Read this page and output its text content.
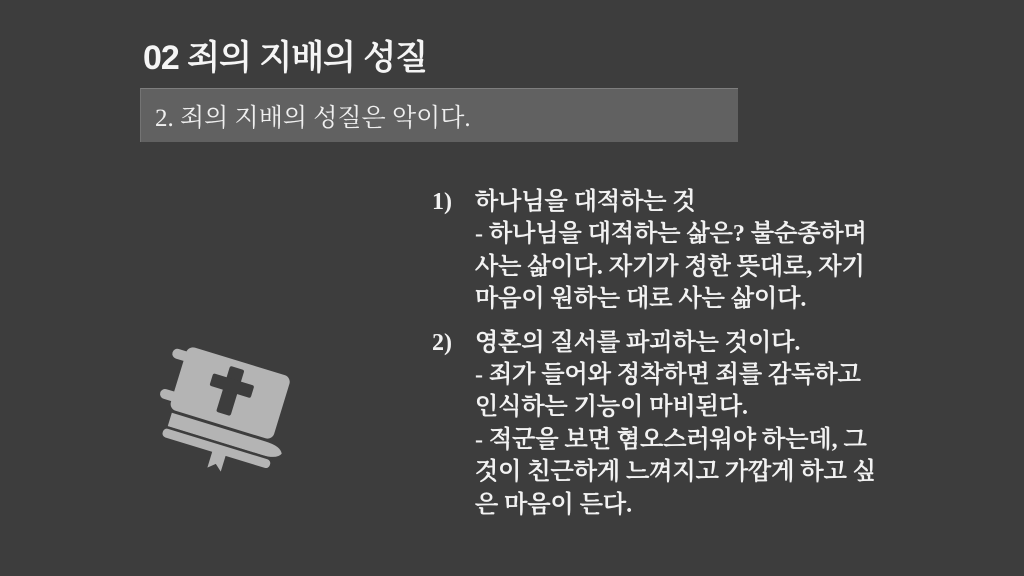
02 죄의 지배의 성질
2. 죄의 지배의 성질은 악이다.
1) 하나님을 대적하는 것
- 하나님을 대적하는 삶은? 불순종하며
사는 삶이다. 자기가 정한 뜻대로, 자기
마음이 원하는 대로 사는 삶이다.
2) 영혼의 질서를 파괴하는 것이다.
- 죄가 들어와 정착하면 죄를 감독하고
인식하는 기능이 마비된다.
- 적군을 보면 혐오스러워야 하는데, 그
것이 친근하게 느껴지고 가깝게 하고 싶
은 마음이 든다.
